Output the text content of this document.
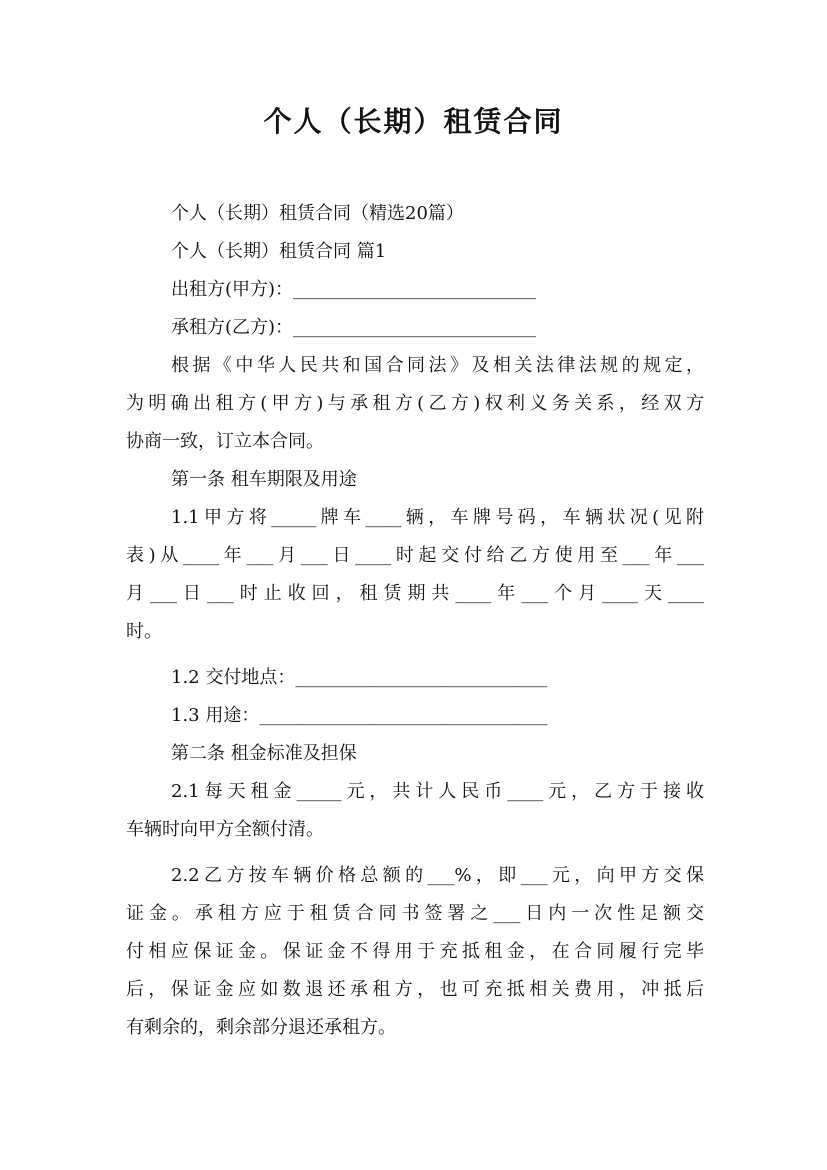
个人（长期）租赁合同
个人（长期）租赁合同（精选20篇）
个人（长期）租赁合同 篇1
出租方(甲方)：___________________________
承租方(乙方)：___________________________
根据《中华人民共和国合同法》及相关法律法规的规定，
为明确出租方(甲方)与承租方(乙方)权利义务关系，经双方
协商一致，订立本合同。
第一条 租车期限及用途
1.1甲方将_____牌车____辆，车牌号码，车辆状况(见附
表)从____年___月___日____时起交付给乙方使用至___年___
月___日___时止收回，租赁期共____年___个月____天____
时。
1.2 交付地点：____________________________
1.3 用途：________________________________
第二条 租金标准及担保
2.1每天租金_____元，共计人民币____元，乙方于接收
车辆时向甲方全额付清。
2.2乙方按车辆价格总额的___%，即___元，向甲方交保
证金。承租方应于租赁合同书签署之___日内一次性足额交
付相应保证金。保证金不得用于充抵租金，在合同履行完毕
后，保证金应如数退还承租方，也可充抵相关费用，冲抵后
有剩余的，剩余部分退还承租方。
